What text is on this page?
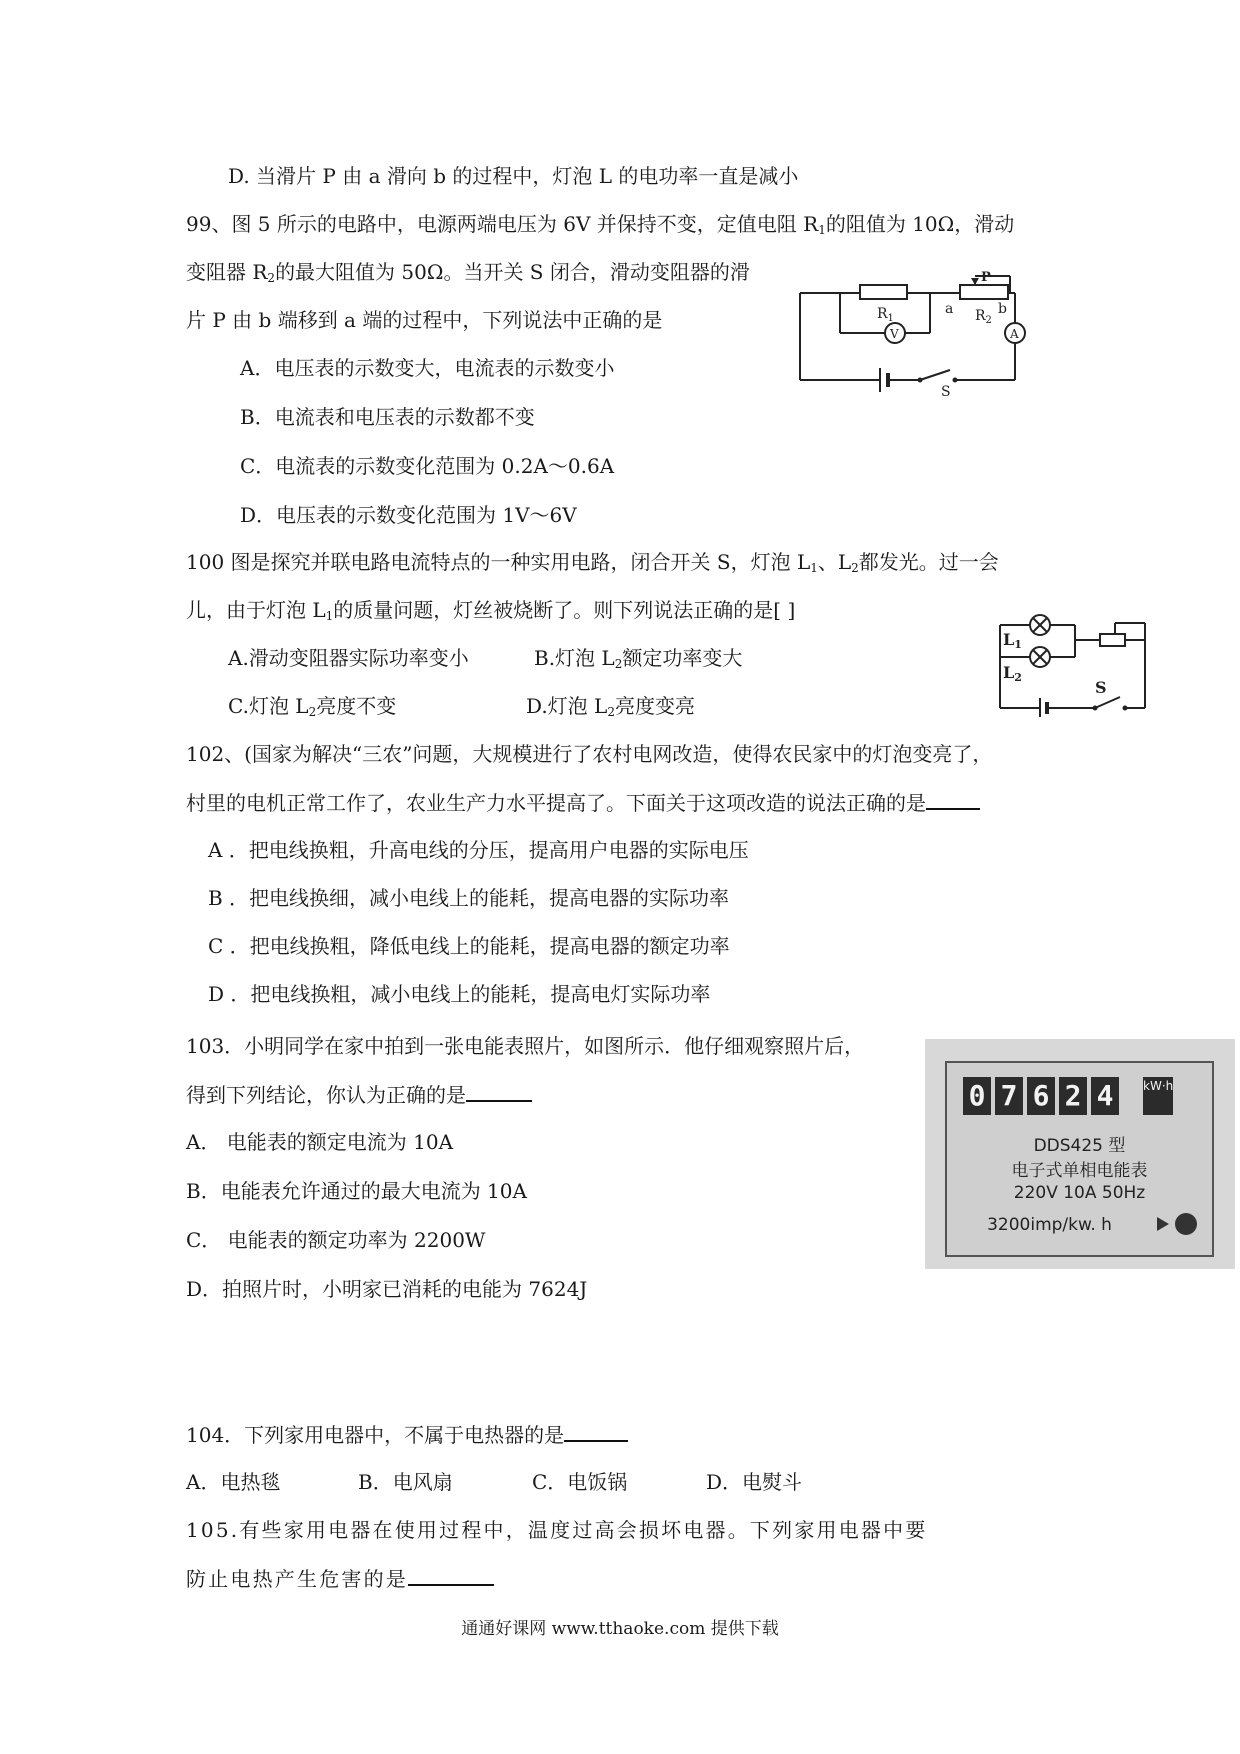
D. 当滑片 P 由 a 滑向 b 的过程中，灯泡 L 的电功率一直是减小
99、图 5 所示的电路中，电源两端电压为 6V 并保持不变，定值电阻 $R_1$的阻值为 10Ω，滑动
变阻器 $R_2$的最大阻值为 50Ω。当开关 S 闭合，滑动变阻器的滑
片 P 由 b 端移到 a 端的过程中，下列说法中正确的是
A．电压表的示数变大，电流表的示数变小
B．电流表和电压表的示数都不变
C．电流表的示数变化范围为 0.2A～0.6A
D．电压表的示数变化范围为 1V～6V
$R_1$
a $R_2$
b
P
V	A
S
100 图是探究并联电路电流特点的一种实用电路，闭合开关 S，灯泡 $L_1$、$L_2$都发光。过一会
儿，由于灯泡 $L_1$的质量问题，灯丝被烧断了。则下列说法正确的是[ ]
A.滑动变阻器实际功率变小	B.灯泡 $L_2$额定功率变大
C.灯泡 $L_2$亮度不变	D.灯泡 $L_2$亮度变亮
L1
L2
S
102、(国家为解决“三农”问题，大规模进行了农村电网改造，使得农民家中的灯泡变亮了，
村里的电机正常工作了，农业生产力水平提高了。下面关于这项改造的说法正确的是
A ．把电线换粗，升高电线的分压，提高用户电器的实际电压
B ．把电线换细，减小电线上的能耗，提高电器的实际功率
C ．把电线换粗，降低电线上的能耗，提高电器的额定功率
D ．把电线换粗，减小电线上的能耗，提高电灯实际功率
103．小明同学在家中拍到一张电能表照片，如图所示．他仔细观察照片后，
得到下列结论，你认为正确的是
A． 电能表的额定电流为 10A
B．电能表允许通过的最大电流为 10A
C． 电能表的额定功率为 2200W
D．拍照片时，小明家已消耗的电能为 7624J
0 7 6 2 4	kW·h
DDS425 型
电子式单相电能表
220V 10A 50Hz
3200imp/kw. h
104．下列家用电器中，不属于电热器的是
A．电热毯	B．电风扇	C．电饭锅	D．电熨斗
105.有些家用电器在使用过程中，温度过高会损坏电器。下列家用电器中要
防止电热产生危害的是
通通好课网 www.tthaoke.com 提供下载
